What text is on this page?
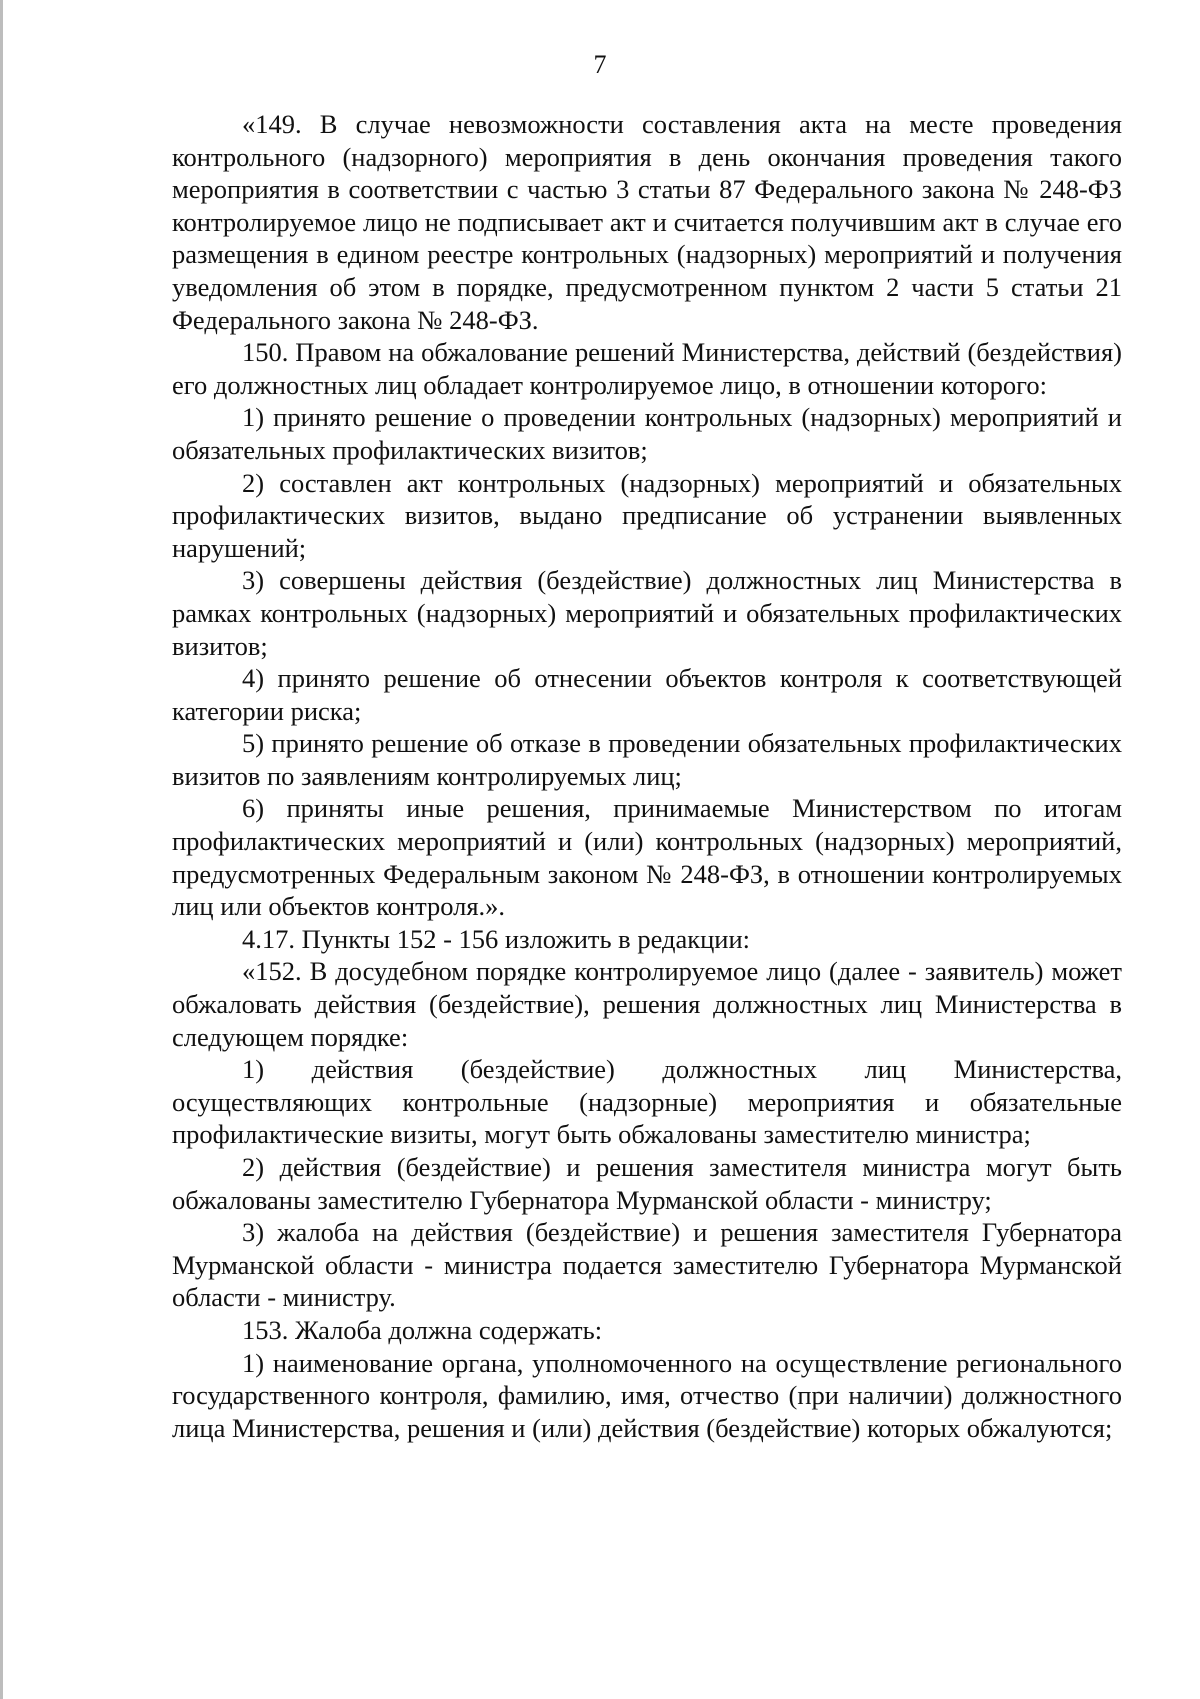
7

«149. В случае невозможности составления акта на месте проведения контрольного (надзорного) мероприятия в день окончания проведения такого мероприятия в соответствии с частью 3 статьи 87 Федерального закона № 248-ФЗ контролируемое лицо не подписывает акт и считается получившим акт в случае его размещения в едином реестре контрольных (надзорных) мероприятий и получения уведомления об этом в порядке, предусмотренном пунктом 2 части 5 статьи 21 Федерального закона № 248-ФЗ.

150. Правом на обжалование решений Министерства, действий (бездействия) его должностных лиц обладает контролируемое лицо, в отношении которого:

1) принято решение о проведении контрольных (надзорных) мероприятий и обязательных профилактических визитов;

2) составлен акт контрольных (надзорных) мероприятий и обязательных профилактических визитов, выдано предписание об устранении выявленных нарушений;

3) совершены действия (бездействие) должностных лиц Министерства в рамках контрольных (надзорных) мероприятий и обязательных профилактических визитов;

4) принято решение об отнесении объектов контроля к соответствующей категории риска;

5) принято решение об отказе в проведении обязательных профилактических визитов по заявлениям контролируемых лиц;

6) приняты иные решения, принимаемые Министерством по итогам профилактических мероприятий и (или) контрольных (надзорных) мероприятий, предусмотренных Федеральным законом № 248-ФЗ, в отношении контролируемых лиц или объектов контроля.».

4.17. Пункты 152 - 156 изложить в редакции:

«152. В досудебном порядке контролируемое лицо (далее - заявитель) может обжаловать действия (бездействие), решения должностных лиц Министерства в следующем порядке:

1) действия (бездействие) должностных лиц Министерства, осуществляющих контрольные (надзорные) мероприятия и обязательные профилактические визиты, могут быть обжалованы заместителю министра;

2) действия (бездействие) и решения заместителя министра могут быть обжалованы заместителю Губернатора Мурманской области - министру;

3) жалоба на действия (бездействие) и решения заместителя Губернатора Мурманской области - министра подается заместителю Губернатора Мурманской области - министру.

153. Жалоба должна содержать:

1) наименование органа, уполномоченного на осуществление регионального государственного контроля, фамилию, имя, отчество (при наличии) должностного лица Министерства, решения и (или) действия (бездействие) которых обжалуются;
